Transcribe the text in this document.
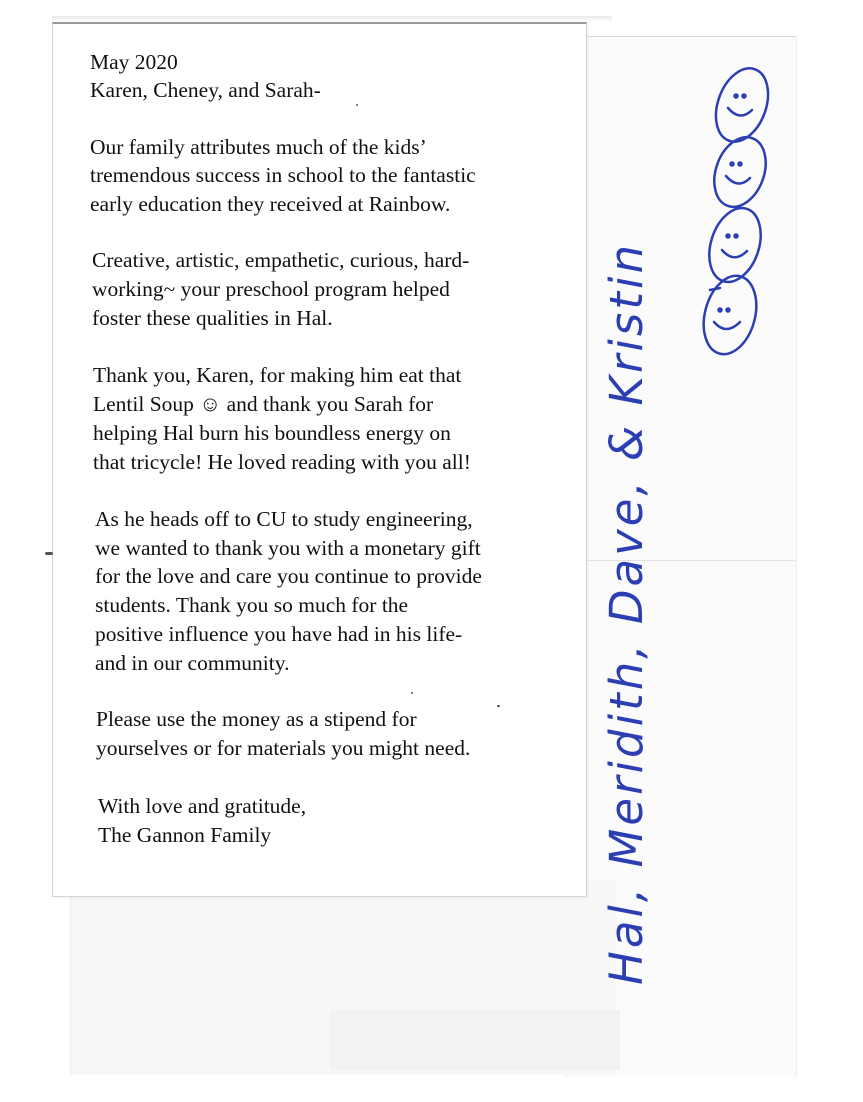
May 2020
Karen, Cheney, and Sarah-
Our family attributes much of the kids’
tremendous success in school to the fantastic
early education they received at Rainbow.
Creative, artistic, empathetic, curious, hard-
working~ your preschool program helped
foster these qualities in Hal.
Thank you, Karen, for making him eat that
Lentil Soup ☺ and thank you Sarah for
helping Hal burn his boundless energy on
that tricycle! He loved reading with you all!
As he heads off to CU to study engineering,
we wanted to thank you with a monetary gift
for the love and care you continue to provide
students. Thank you so much for the
positive influence you have had in his life-
and in our community.
Please use the money as a stipend for
yourselves or for materials you might need.
With love and gratitude,
The Gannon Family
